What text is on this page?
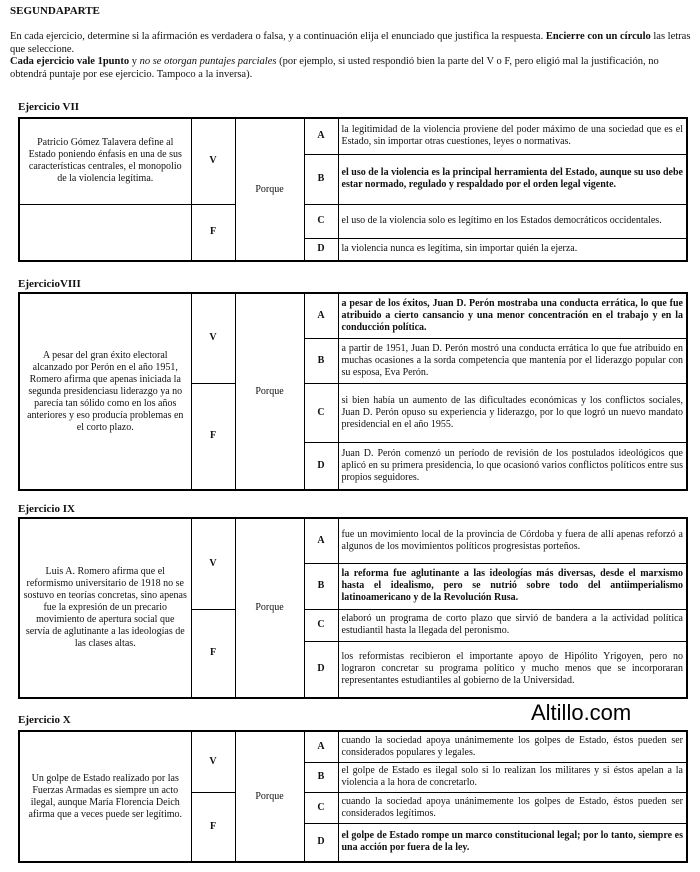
SEGUNDAPARTE
En cada ejercicio, determine si la afirmación es verdadera o falsa, y a continuación elija el enunciado que justifica la respuesta. Encierre con un círculo las letras que seleccione.
Cada ejercicio vale 1punto y no se otorgan puntajes parciales (por ejemplo, si usted respondió bien la parte del V o F, pero eligió mal la justificación, no obtendrá puntaje por ese ejercicio. Tampoco a la inversa).
Ejercicio VII
Patricio Gómez Talavera define al Estado poniendo énfasis en una de sus características centrales, el monopolio de la violencia legítima.	V	Porque	A	la legitimidad de la violencia proviene del poder máximo de una sociedad que es el Estado, sin importar otras cuestiones, leyes o normativas.
			B	el uso de la violencia es la principal herramienta del Estado, aunque su uso debe estar normado, regulado y respaldado por el orden legal vigente.
	F		C	el uso de la violencia solo es legítimo en los Estados democráticos occidentales.
			D	la violencia nunca es legítima, sin importar quién la ejerza.
EjercicioVIII
A pesar del gran éxito electoral alcanzado por Perón en el año 1951, Romero afirma que apenas iniciada la segunda presidenciasu liderazgo ya no parecía tan sólido como en los años anteriores y eso producía problemas en el corto plazo.	V	Porque	A	a pesar de los éxitos, Juan D. Perón mostraba una conducta errática, lo que fue atribuido a cierto cansancio y una menor concentración en el trabajo y en la conducción política.
			B	a partir de 1951, Juan D. Perón mostró una conducta errática lo que fue atribuido en muchas ocasiones a la sorda competencia que mantenía por el liderazgo popular con su esposa, Eva Perón.
	F		C	si bien había un aumento de las dificultades económicas y los conflictos sociales, Juan D. Perón opuso su experiencia y liderazgo, por lo que logró un nuevo mandato presidencial en el año 1955.
			D	Juan D. Perón comenzó un período de revisión de los postulados ideológicos que aplicó en su primera presidencia, lo que ocasionó varios conflictos políticos entre sus propios seguidores.
Ejercicio IX
Luis A. Romero afirma que el reformismo universitario de 1918 no se sostuvo en teorías concretas, sino apenas fue la expresión de un precario movimiento de apertura social que servía de aglutinante a las ideologías de las clases altas.	V	Porque	A	fue un movimiento local de la provincia de Córdoba y fuera de allí apenas reforzó a algunos de los movimientos políticos progresistas porteños.
			B	la reforma fue aglutinante a las ideologías más diversas, desde el marxismo hasta el idealismo, pero se nutrió sobre todo del antiimperialismo latinoamericano y de la Revolución Rusa.
	F		C	elaboró un programa de corto plazo que sirvió de bandera a la actividad política estudiantil hasta la llegada del peronismo.
			D	los reformistas recibieron el importante apoyo de Hipólito Yrigoyen, pero no lograron concretar su programa político y mucho menos que se incorporaran representantes estudiantiles al gobierno de la Universidad.
Ejercicio X
Un golpe de Estado realizado por las Fuerzas Armadas es siempre un acto ilegal, aunque María Florencia Deich afirma que a veces puede ser legítimo.	V	Porque	A	cuando la sociedad apoya unánimemente los golpes de Estado, éstos pueden ser considerados populares y legales.
			B	el golpe de Estado es ilegal solo si lo realizan los militares y si éstos apelan a la violencia a la hora de concretarlo.
	F		C	cuando la sociedad apoya unánimemente los golpes de Estado, éstos pueden ser considerados legítimos.
			D	el golpe de Estado rompe un marco constitucional legal; por lo tanto, siempre es una acción por fuera de la ley.
Altillo.com
